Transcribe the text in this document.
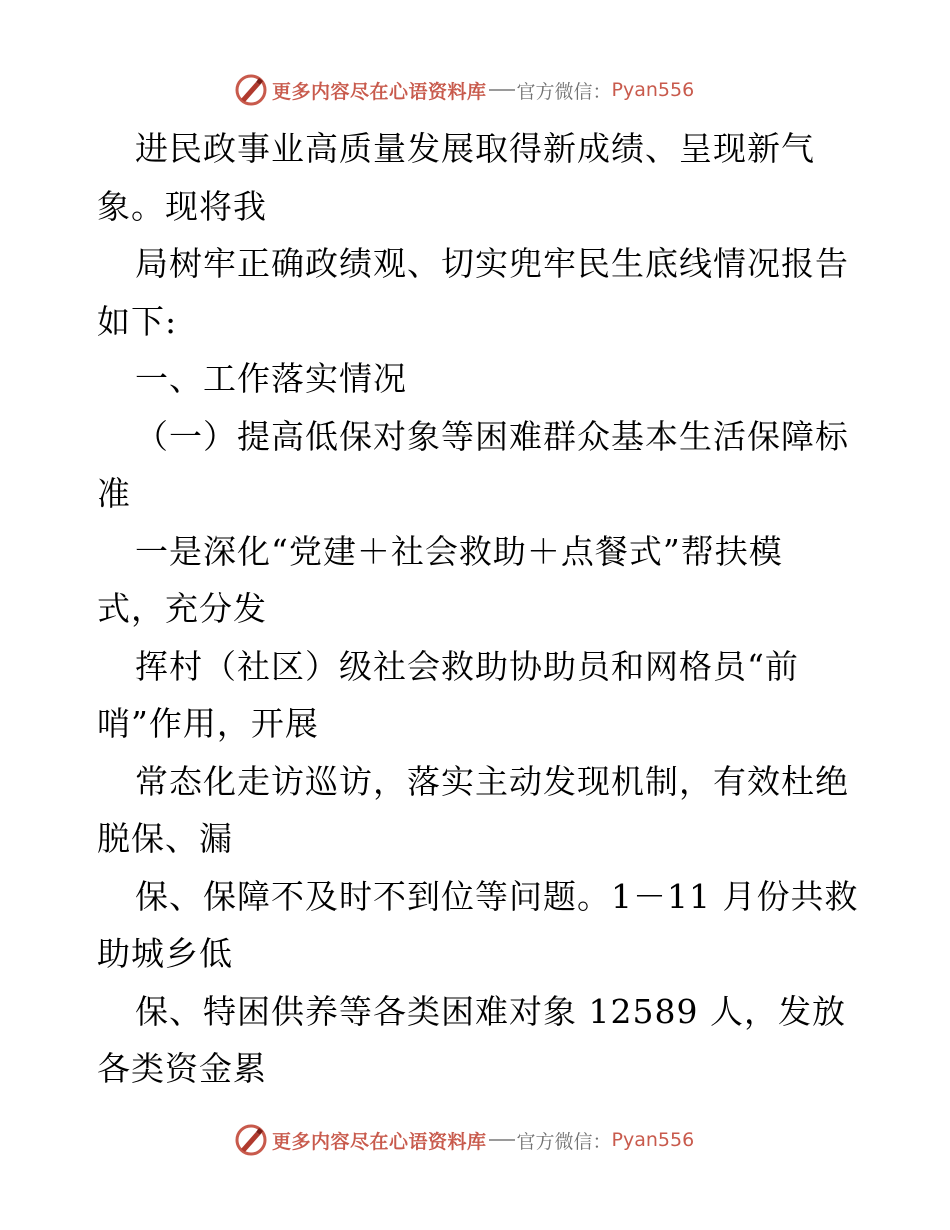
更多内容尽在心语资料库 官方微信： Pyan556
进民政事业高质量发展取得新成绩、呈现新气
象。现将我
局树牢正确政绩观、切实兜牢民生底线情况报告
如下:
一、工作落实情况
（一）提高低保对象等困难群众基本生活保障标
准
一是深化“党建＋社会救助＋点餐式”帮扶模
式，充分发
挥村（社区）级社会救助协助员和网格员“前
哨”作用，开展
常态化走访巡访，落实主动发现机制，有效杜绝
脱保、漏
保、保障不及时不到位等问题。1－11 月份共救
助城乡低
保、特困供养等各类困难对象 12589 人，发放
各类资金累
更多内容尽在心语资料库 官方微信： Pyan556
